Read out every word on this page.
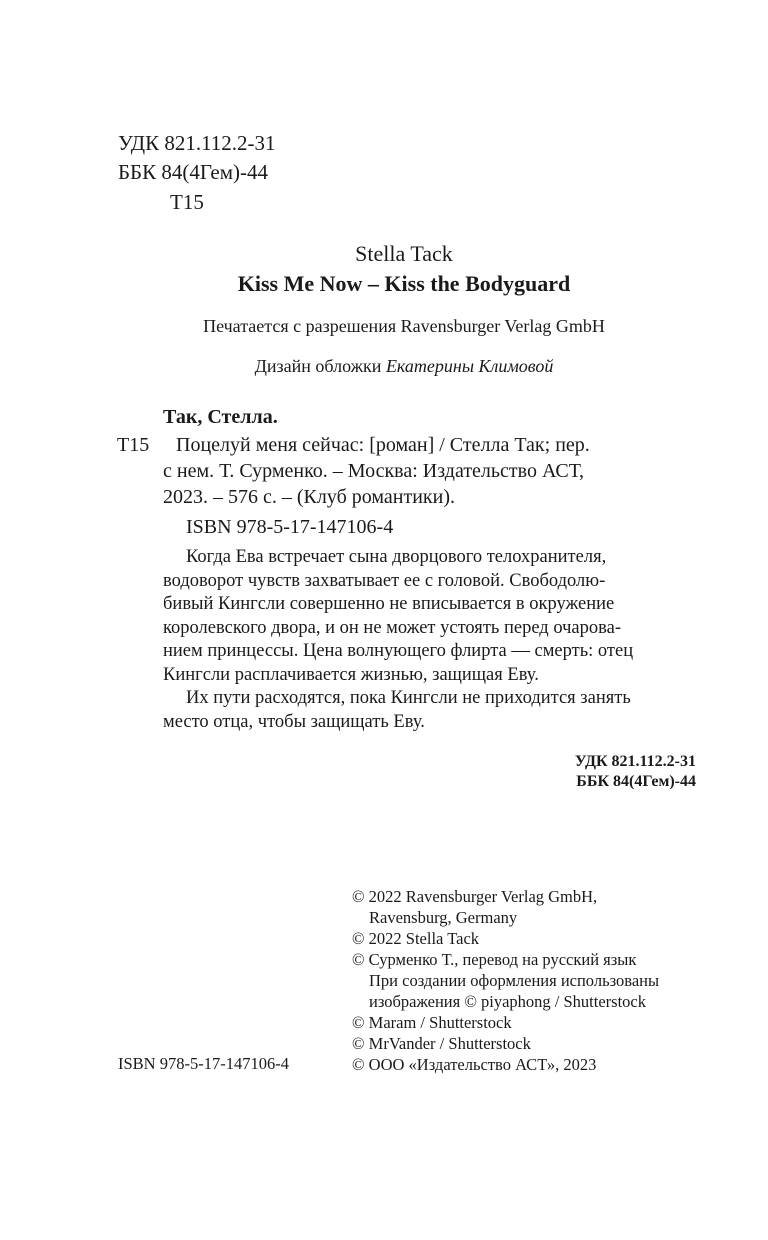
УДК 821.112.2-31
ББК 84(4Гем)-44
Т15
Stella Tack
Kiss Me Now – Kiss the Bodyguard
Печатается с разрешения Ravensburger Verlag GmbH
Дизайн обложки Екатерины Климовой
Так, Стелла.
Т15 Поцелуй меня сейчас: [роман] / Стелла Так; пер.
с нем. Т. Сурменко. – Москва: Издательство АСТ,
2023. – 576 с. – (Клуб романтики).
ISBN 978-5-17-147106-4
Когда Ева встречает сына дворцового телохранителя,
водоворот чувств захватывает ее с головой. Свободолю-
бивый Кингсли совершенно не вписывается в окружение
королевского двора, и он не может устоять перед очарова-
нием принцессы. Цена волнующего флирта — смерть: отец
Кингсли расплачивается жизнью, защищая Еву.
Их пути расходятся, пока Кингсли не приходится занять
место отца, чтобы защищать Еву.
УДК 821.112.2-31
ББК 84(4Гем)-44
© 2022 Ravensburger Verlag GmbH,
Ravensburg, Germany
© 2022 Stella Tack
© Сурменко Т., перевод на русский язык
При создании оформления использованы
изображения © piyaphong / Shutterstock
© Maram / Shutterstock
© MrVander / Shutterstock
© ООО «Издательство АСТ», 2023
ISBN 978-5-17-147106-4
